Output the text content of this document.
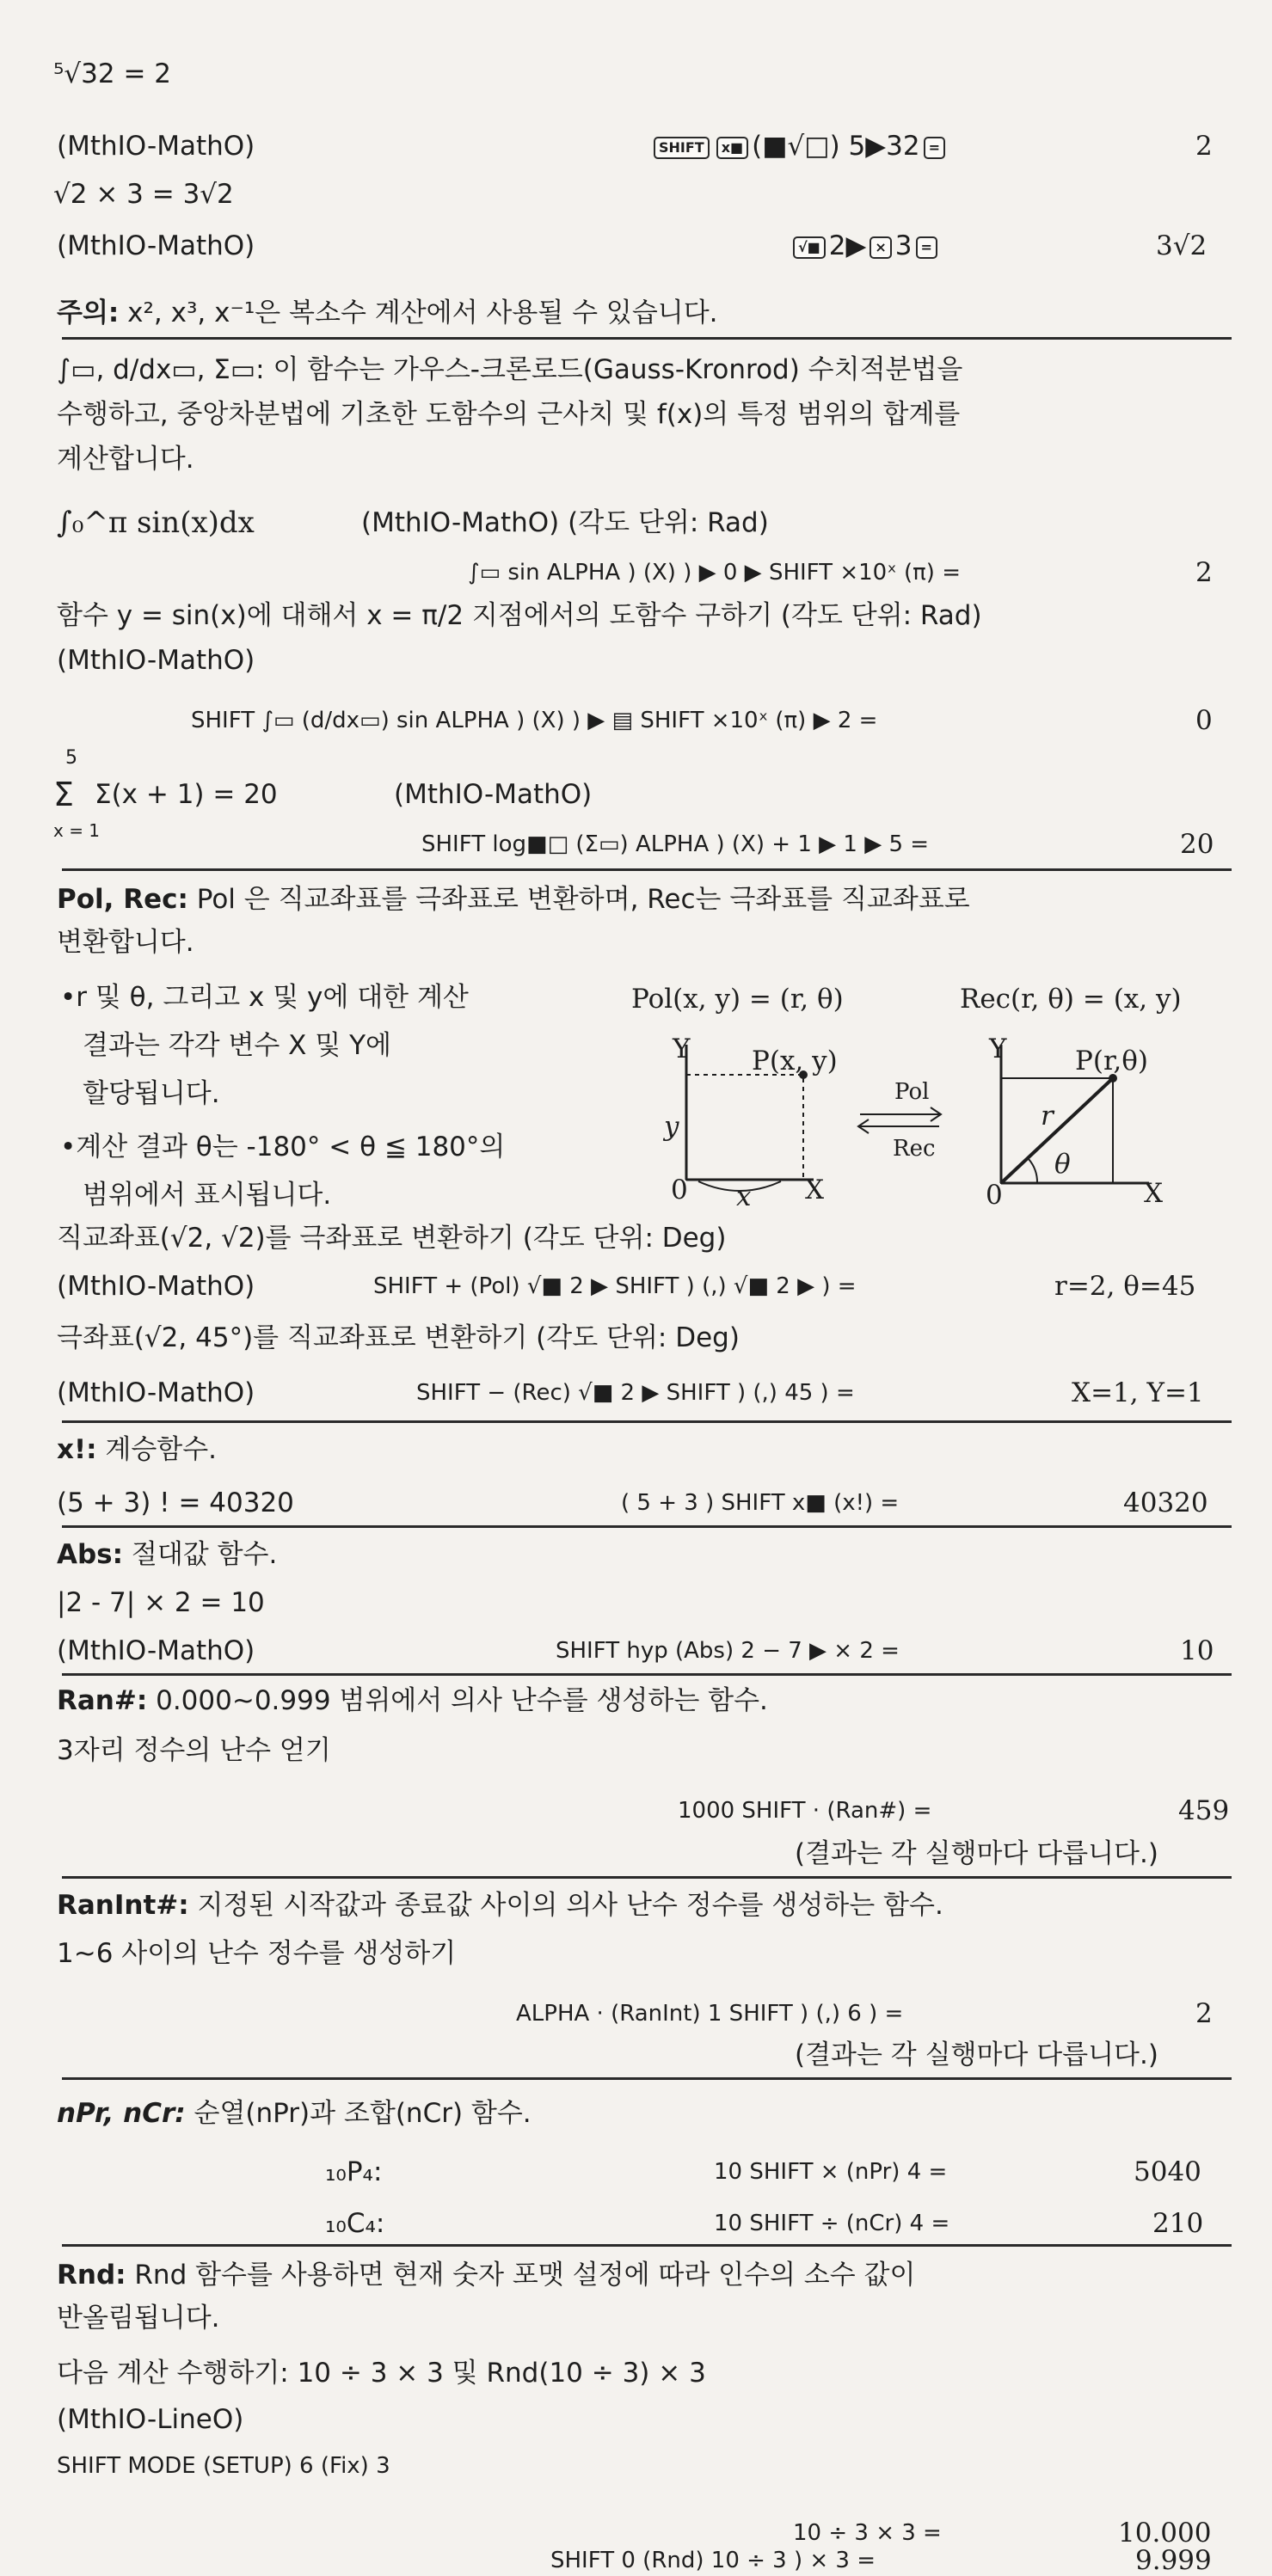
⁵√32 = 2
(MthIO-MathO)	SHIFT x■ (■√□) 5▶32 =	2
√2 × 3 = 3√2
(MthIO-MathO)	√■ 2▶ × 3 =	3√2
주의: x², x³, x⁻¹은 복소수 계산에서 사용될 수 있습니다.
∫▭, d/dx▭, Σ▭: 이 함수는 가우스-크론로드(Gauss-Kronrod) 수치적분법을
수행하고, 중앙차분법에 기초한 도함수의 근사치 및 f(x)의 특정 범위의 합계를
계산합니다.
∫₀^π sin(x)dx	(MthIO-MathO) (각도 단위: Rad)
∫▭ sin ALPHA ) (X) ) ▶ 0 ▶ SHIFT ×10ˣ (π) =	2
함수 y = sin(x)에 대해서 x = π/2 지점에서의 도함수 구하기 (각도 단위: Rad)
(MthIO-MathO)
SHIFT ∫▭ (d/dx▭) sin ALPHA ) (X) ) ▶ ▤ SHIFT ×10ˣ (π) ▶ 2 =	0
5
Σ Σ(x + 1) = 20
x = 1
(MthIO-MathO)
SHIFT log■□ (Σ▭) ALPHA ) (X) + 1 ▶ 1 ▶ 5 =	20
Pol, Rec: Pol 은 직교좌표를 극좌표로 변환하며, Rec는 극좌표를 직교좌표로
변환합니다.
•r 및 θ, 그리고 x 및 y에 대한 계산
결과는 각각 변수 X 및 Y에
할당됩니다.
•계산 결과 θ는 -180° < θ ≦ 180°의
범위에서 표시됩니다.
Pol(x, y) = (r, θ)	Rec(r, θ) = (x, y)
Y
X
0
P(x, y)
y
x
Pol
Rec
Y
X
0
P(r,θ)
r
θ
직교좌표(√2, √2)를 극좌표로 변환하기 (각도 단위: Deg)
(MthIO-MathO)	SHIFT + (Pol) √■ 2 ▶ SHIFT ) (,) √■ 2 ▶ ) =	r=2, θ=45
극좌표(√2, 45°)를 직교좌표로 변환하기 (각도 단위: Deg)
(MthIO-MathO)	SHIFT − (Rec) √■ 2 ▶ SHIFT ) (,) 45 ) =	X=1, Y=1
x!: 계승함수.
(5 + 3) ! = 40320	( 5 + 3 ) SHIFT x■ (x!) =	40320
Abs: 절대값 함수.
|2 - 7| × 2 = 10
(MthIO-MathO)	SHIFT hyp (Abs) 2 − 7 ▶ × 2 =	10
Ran#: 0.000~0.999 범위에서 의사 난수를 생성하는 함수.
3자리 정수의 난수 얻기
1000 SHIFT · (Ran#) =	459
(결과는 각 실행마다 다릅니다.)
RanInt#: 지정된 시작값과 종료값 사이의 의사 난수 정수를 생성하는 함수.
1~6 사이의 난수 정수를 생성하기
ALPHA · (RanInt) 1 SHIFT ) (,) 6 ) =	2
(결과는 각 실행마다 다릅니다.)
nPr, nCr: 순열(nPr)과 조합(nCr) 함수.
₁₀P₄:	10 SHIFT × (nPr) 4 =	5040
₁₀C₄:	10 SHIFT ÷ (nCr) 4 =	210
Rnd: Rnd 함수를 사용하면 현재 숫자 포맷 설정에 따라 인수의 소수 값이
반올림됩니다.
다음 계산 수행하기: 10 ÷ 3 × 3 및 Rnd(10 ÷ 3) × 3
(MthIO-LineO)
SHIFT MODE (SETUP) 6 (Fix) 3
10 ÷ 3 × 3 =	10.000
SHIFT 0 (Rnd) 10 ÷ 3 ) × 3 =	9.999
